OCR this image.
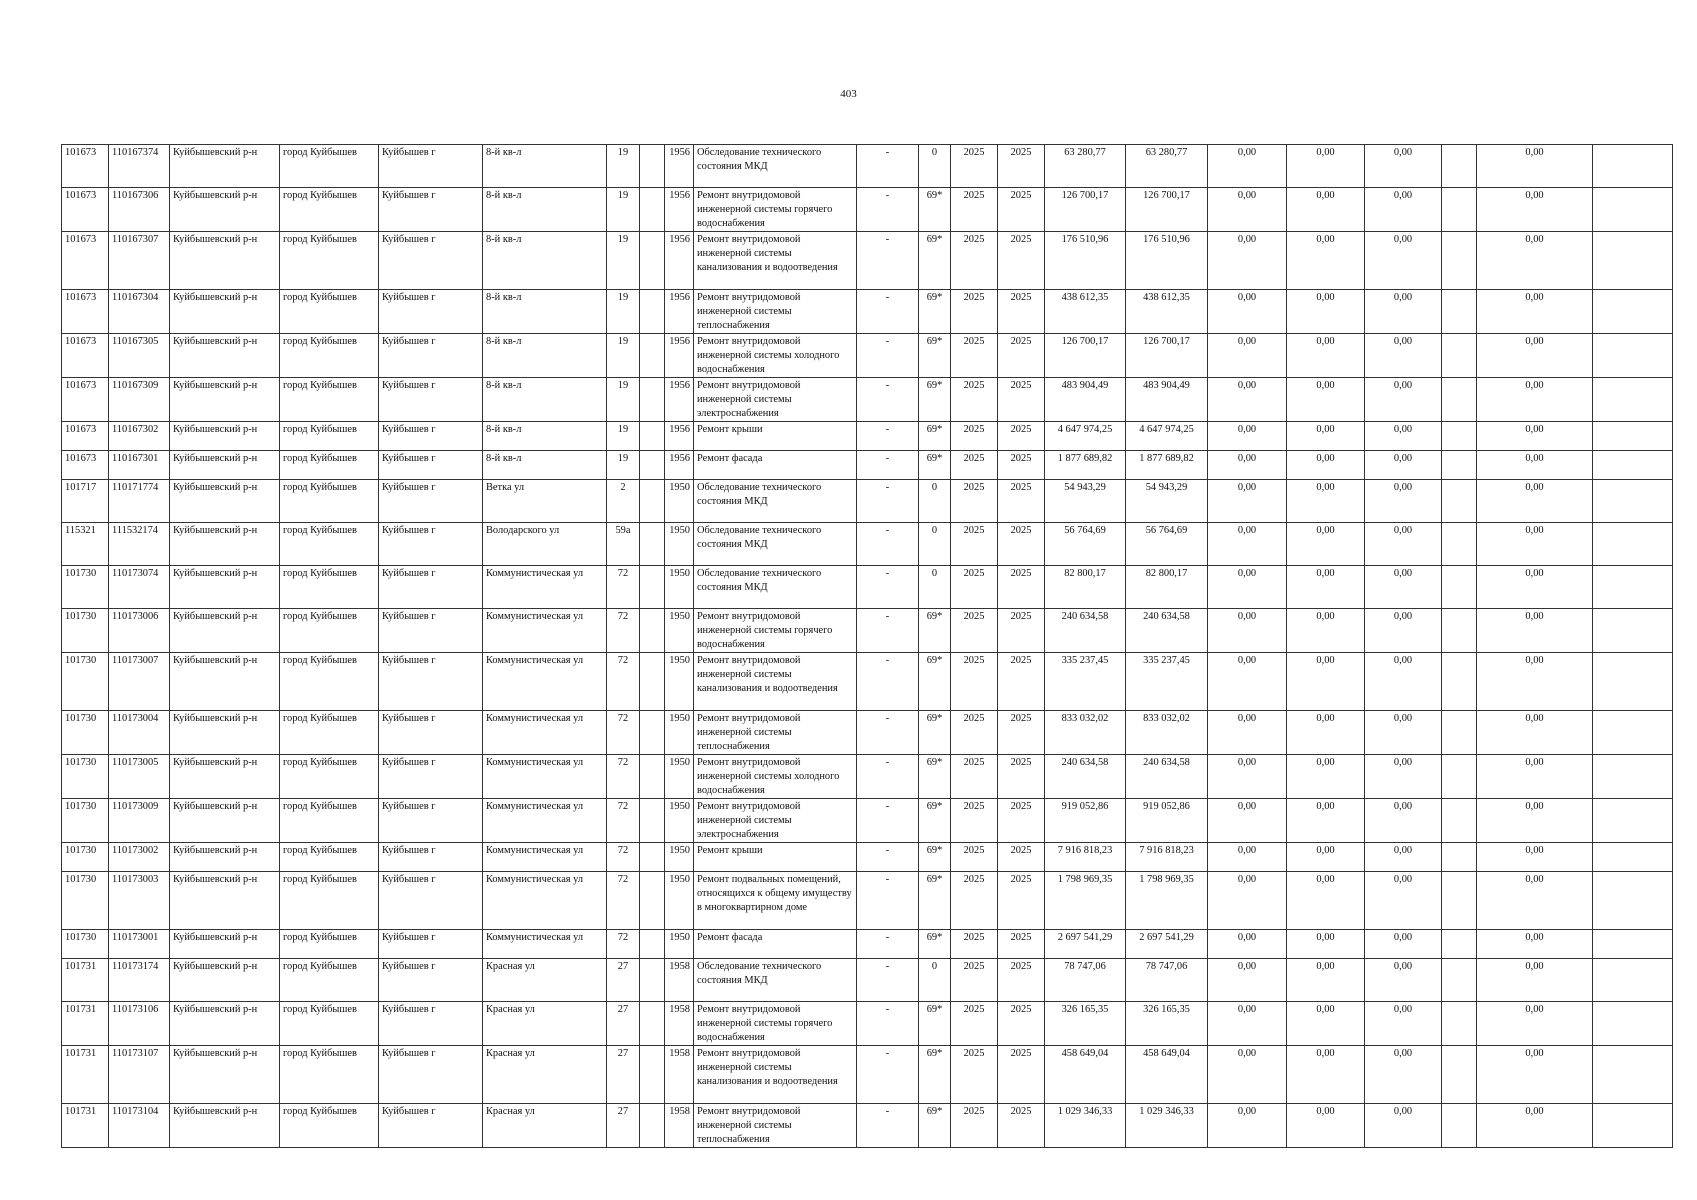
403
101673	110167374	Куйбышевский р-н	город Куйбышев	Куйбышев г	8-й кв-л	19		1956	Обследование технического состояния МКД	-	0	2025	2025	63 280,77	63 280,77	0,00	0,00	0,00		0,00	
101673	110167306	Куйбышевский р-н	город Куйбышев	Куйбышев г	8-й кв-л	19		1956	Ремонт внутридомовой инженерной системы горячего водоснабжения	-	69*	2025	2025	126 700,17	126 700,17	0,00	0,00	0,00		0,00	
101673	110167307	Куйбышевский р-н	город Куйбышев	Куйбышев г	8-й кв-л	19		1956	Ремонт внутридомовой инженерной системы канализования и водоотведения	-	69*	2025	2025	176 510,96	176 510,96	0,00	0,00	0,00		0,00	
101673	110167304	Куйбышевский р-н	город Куйбышев	Куйбышев г	8-й кв-л	19		1956	Ремонт внутридомовой инженерной системы теплоснабжения	-	69*	2025	2025	438 612,35	438 612,35	0,00	0,00	0,00		0,00	
101673	110167305	Куйбышевский р-н	город Куйбышев	Куйбышев г	8-й кв-л	19		1956	Ремонт внутридомовой инженерной системы холодного водоснабжения	-	69*	2025	2025	126 700,17	126 700,17	0,00	0,00	0,00		0,00	
101673	110167309	Куйбышевский р-н	город Куйбышев	Куйбышев г	8-й кв-л	19		1956	Ремонт внутридомовой инженерной системы электроснабжения	-	69*	2025	2025	483 904,49	483 904,49	0,00	0,00	0,00		0,00	
101673	110167302	Куйбышевский р-н	город Куйбышев	Куйбышев г	8-й кв-л	19		1956	Ремонт крыши	-	69*	2025	2025	4 647 974,25	4 647 974,25	0,00	0,00	0,00		0,00	
101673	110167301	Куйбышевский р-н	город Куйбышев	Куйбышев г	8-й кв-л	19		1956	Ремонт фасада	-	69*	2025	2025	1 877 689,82	1 877 689,82	0,00	0,00	0,00		0,00	
101717	110171774	Куйбышевский р-н	город Куйбышев	Куйбышев г	Ветка ул	2		1950	Обследование технического состояния МКД	-	0	2025	2025	54 943,29	54 943,29	0,00	0,00	0,00		0,00	
115321	111532174	Куйбышевский р-н	город Куйбышев	Куйбышев г	Володарского ул	59а		1950	Обследование технического состояния МКД	-	0	2025	2025	56 764,69	56 764,69	0,00	0,00	0,00		0,00	
101730	110173074	Куйбышевский р-н	город Куйбышев	Куйбышев г	Коммунистическая ул	72		1950	Обследование технического состояния МКД	-	0	2025	2025	82 800,17	82 800,17	0,00	0,00	0,00		0,00	
101730	110173006	Куйбышевский р-н	город Куйбышев	Куйбышев г	Коммунистическая ул	72		1950	Ремонт внутридомовой инженерной системы горячего водоснабжения	-	69*	2025	2025	240 634,58	240 634,58	0,00	0,00	0,00		0,00	
101730	110173007	Куйбышевский р-н	город Куйбышев	Куйбышев г	Коммунистическая ул	72		1950	Ремонт внутридомовой инженерной системы канализования и водоотведения	-	69*	2025	2025	335 237,45	335 237,45	0,00	0,00	0,00		0,00	
101730	110173004	Куйбышевский р-н	город Куйбышев	Куйбышев г	Коммунистическая ул	72		1950	Ремонт внутридомовой инженерной системы теплоснабжения	-	69*	2025	2025	833 032,02	833 032,02	0,00	0,00	0,00		0,00	
101730	110173005	Куйбышевский р-н	город Куйбышев	Куйбышев г	Коммунистическая ул	72		1950	Ремонт внутридомовой инженерной системы холодного водоснабжения	-	69*	2025	2025	240 634,58	240 634,58	0,00	0,00	0,00		0,00	
101730	110173009	Куйбышевский р-н	город Куйбышев	Куйбышев г	Коммунистическая ул	72		1950	Ремонт внутридомовой инженерной системы электроснабжения	-	69*	2025	2025	919 052,86	919 052,86	0,00	0,00	0,00		0,00	
101730	110173002	Куйбышевский р-н	город Куйбышев	Куйбышев г	Коммунистическая ул	72		1950	Ремонт крыши	-	69*	2025	2025	7 916 818,23	7 916 818,23	0,00	0,00	0,00		0,00	
101730	110173003	Куйбышевский р-н	город Куйбышев	Куйбышев г	Коммунистическая ул	72		1950	Ремонт подвальных помещений, относящихся к общему имуществу в многоквартирном доме	-	69*	2025	2025	1 798 969,35	1 798 969,35	0,00	0,00	0,00		0,00	
101730	110173001	Куйбышевский р-н	город Куйбышев	Куйбышев г	Коммунистическая ул	72		1950	Ремонт фасада	-	69*	2025	2025	2 697 541,29	2 697 541,29	0,00	0,00	0,00		0,00	
101731	110173174	Куйбышевский р-н	город Куйбышев	Куйбышев г	Красная ул	27		1958	Обследование технического состояния МКД	-	0	2025	2025	78 747,06	78 747,06	0,00	0,00	0,00		0,00	
101731	110173106	Куйбышевский р-н	город Куйбышев	Куйбышев г	Красная ул	27		1958	Ремонт внутридомовой инженерной системы горячего водоснабжения	-	69*	2025	2025	326 165,35	326 165,35	0,00	0,00	0,00		0,00	
101731	110173107	Куйбышевский р-н	город Куйбышев	Куйбышев г	Красная ул	27		1958	Ремонт внутридомовой инженерной системы канализования и водоотведения	-	69*	2025	2025	458 649,04	458 649,04	0,00	0,00	0,00		0,00	
101731	110173104	Куйбышевский р-н	город Куйбышев	Куйбышев г	Красная ул	27		1958	Ремонт внутридомовой инженерной системы теплоснабжения	-	69*	2025	2025	1 029 346,33	1 029 346,33	0,00	0,00	0,00		0,00	
